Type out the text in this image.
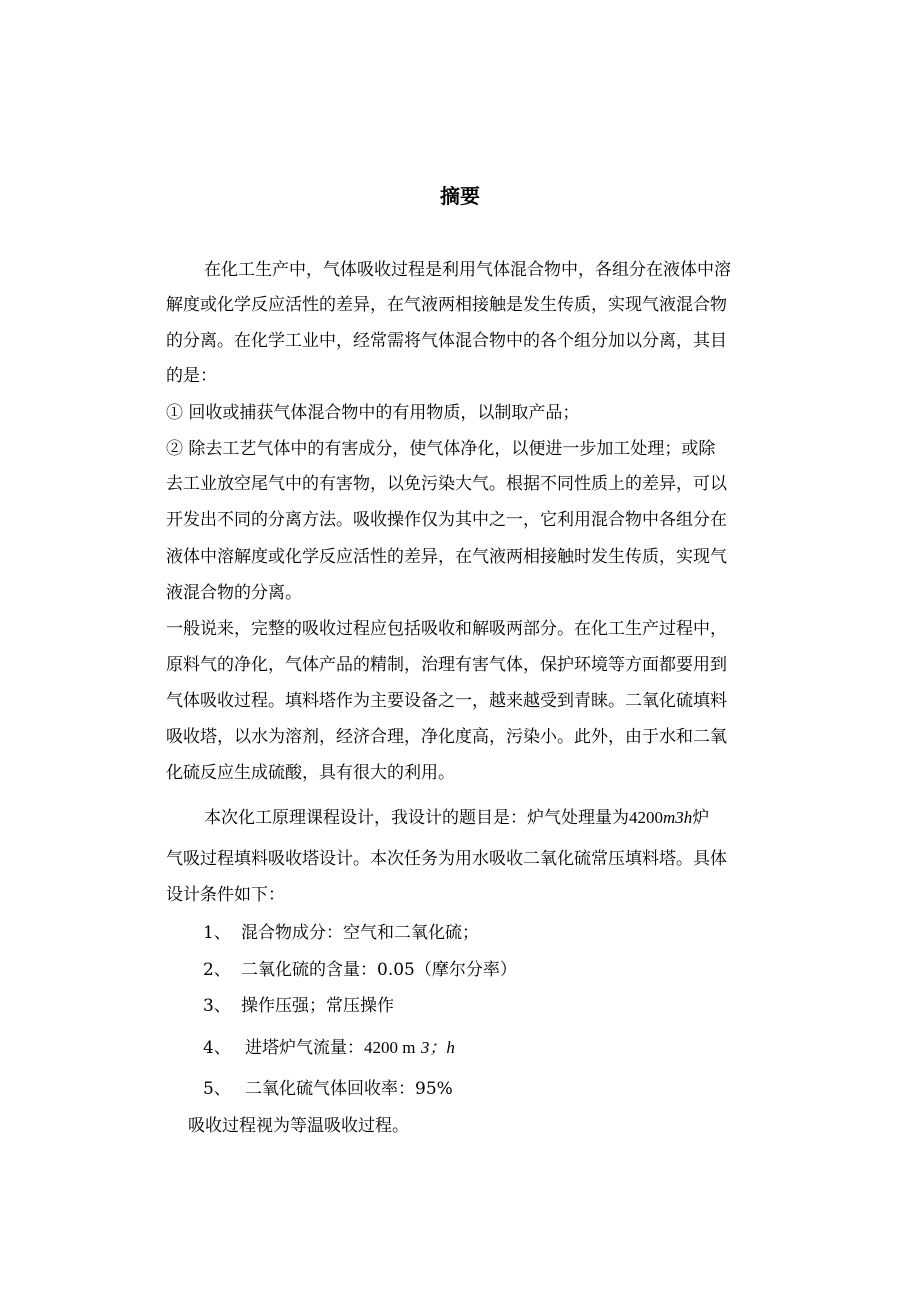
摘要
在化工生产中，气体吸收过程是利用气体混合物中，各组分在液体中溶
解度或化学反应活性的差异，在气液两相接触是发生传质，实现气液混合物
的分离。在化学工业中，经常需将气体混合物中的各个组分加以分离，其目
的是：
① 回收或捕获气体混合物中的有用物质，以制取产品；
② 除去工艺气体中的有害成分，使气体净化，以便进一步加工处理；或除
去工业放空尾气中的有害物，以免污染大气。根据不同性质上的差异，可以
开发出不同的分离方法。吸收操作仅为其中之一，它利用混合物中各组分在
液体中溶解度或化学反应活性的差异，在气液两相接触时发生传质，实现气
液混合物的分离。
一般说来，完整的吸收过程应包括吸收和解吸两部分。在化工生产过程中，
原料气的净化，气体产品的精制，治理有害气体，保护环境等方面都要用到
气体吸收过程。填料塔作为主要设备之一，越来越受到青睐。二氧化硫填料
吸收塔，以水为溶剂，经济合理，净化度高，污染小。此外，由于水和二氧
化硫反应生成硫酸，具有很大的利用。
本次化工原理课程设计，我设计的题目是：炉气处理量为4200m3h炉
气吸过程填料吸收塔设计。本次任务为用水吸收二氧化硫常压填料塔。具体
设计条件如下：
1、 混合物成分：空气和二氧化硫；
2、 二氧化硫的含量：0.05（摩尔分率）
3、 操作压强；常压操作
4、 进塔炉气流量：4200 m 3；h
5、 二氧化硫气体回收率：95%
吸收过程视为等温吸收过程。
